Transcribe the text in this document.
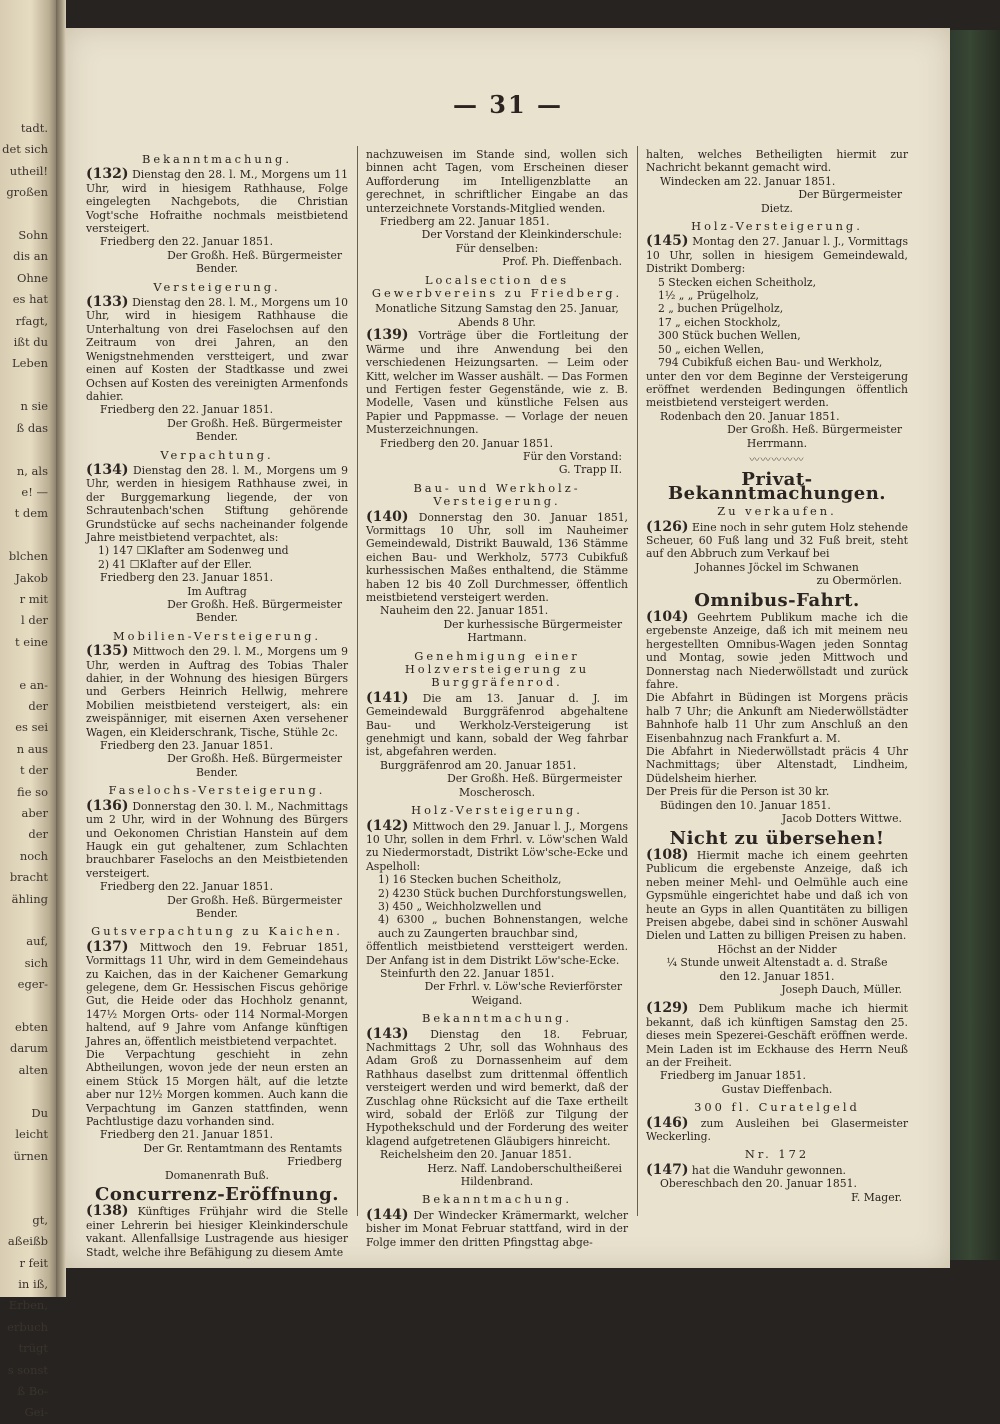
tadt.
det sich
utheil!
großen

Sohn
dis an
Ohne
es hat
rfagt,
ißt du
Leben

n sie
ß das

n, als
e! —
t dem

blchen
Jakob
r mit
l der
t eine

e an-
der
es sei
n aus
t der
fie so
aber
der
noch
bracht
ähling

auf,
sich
eger-

ebten
darum
alten

Du
leicht
ürnen

gt,
aßeißb
r feit
in iß,
Erben,
erbuch
trügt
s sonst
ß Bo-
Gei-
— 31 —
Bekanntmachung.

(132) Dienstag den 28. l. M., Morgens um 11 Uhr, wird in hiesigem Rathhause, Folge eingelegten Nachgebots, die Christian Vogt'sche Hofraithe nochmals meistbietend versteigert.

Friedberg den 22. Januar 1851.

Der Großh. Heß. Bürgermeister

Bender.

Versteigerung.

(133) Dienstag den 28. l. M., Morgens um 10 Uhr, wird in hiesigem Rathhause die Unterhaltung von drei Faselochsen auf den Zeitraum von drei Jahren, an den Wenigstnehmenden verstteigert, und zwar einen auf Kosten der Stadtkasse und zwei Ochsen auf Kosten des vereinigten Armenfonds dahier.

Friedberg den 22. Januar 1851.

Der Großh. Heß. Bürgermeister

Bender.

Verpachtung.

(134) Dienstag den 28. l. M., Morgens um 9 Uhr, werden in hiesigem Rathhause zwei, in der Burggemarkung liegende, der von Schrautenbach'schen Stiftung gehörende Grundstücke auf sechs nacheinander folgende Jahre meistbietend verpachtet, als:

1) 147 ☐Klafter am Sodenweg und

2) 41 ☐Klafter auf der Eller.

Friedberg den 23. Januar 1851.

Im Auftrag

Der Großh. Heß. Bürgermeister

Bender.

Mobilien-Versteigerung.

(135) Mittwoch den 29. l. M., Morgens um 9 Uhr, werden in Auftrag des Tobias Thaler dahier, in der Wohnung des hiesigen Bürgers und Gerbers Heinrich Hellwig, mehrere Mobilien meistbietend versteigert, als: ein zweispänniger, mit eisernen Axen versehener Wagen, ein Kleiderschrank, Tische, Stühle 2c.

Friedberg den 23. Januar 1851.

Der Großh. Heß. Bürgermeister

Bender.

Faselochs-Versteigerung.

(136) Donnerstag den 30. l. M., Nachmittags um 2 Uhr, wird in der Wohnung des Bürgers und Oekonomen Christian Hanstein auf dem Haugk ein gut gehaltener, zum Schlachten brauchbarer Faselochs an den Meistbietenden versteigert.

Friedberg den 22. Januar 1851.

Der Großh. Heß. Bürgermeister

Bender.

Gutsverpachtung zu Kaichen.

(137) Mittwoch den 19. Februar 1851, Vormittags 11 Uhr, wird in dem Gemeindehaus zu Kaichen, das in der Kaichener Gemarkung gelegene, dem Gr. Hessischen Fiscus gehörige Gut, die Heide oder das Hochholz genannt, 147½ Morgen Orts- oder 114 Normal-Morgen haltend, auf 9 Jahre vom Anfange künftigen Jahres an, öffentlich meistbietend verpachtet.

Die Verpachtung geschieht in zehn Abtheilungen, wovon jede der neun ersten an einem Stück 15 Morgen hält, auf die letzte aber nur 12½ Morgen kommen. Auch kann die Verpachtung im Ganzen stattfinden, wenn Pachtlustige dazu vorhanden sind.

Friedberg den 21. Januar 1851.

Der Gr. Rentamtmann des Rentamts Friedberg

Domanenrath Buß.

Concurrenz-Eröffnung.

(138) Künftiges Frühjahr wird die Stelle einer Lehrerin bei hiesiger Kleinkinderschule vakant. Allenfallsige Lustragende aus hiesiger Stadt, welche ihre Befähigung zu diesem Amte

nachzuweisen im Stande sind, wollen sich binnen acht Tagen, vom Erscheinen dieser Aufforderung im Intelligenzblatte an gerechnet, in schriftlicher Eingabe an das unterzeichnete Vorstands-Mitglied wenden.

Friedberg am 22. Januar 1851.

Der Vorstand der Kleinkinderschule:

Für denselben:

Prof. Ph. Dieffenbach.

Localsection des Gewerbvereins zu Friedberg.

Monatliche Sitzung Samstag den 25. Januar, Abends 8 Uhr.

(139) Vorträge über die Fortleitung der Wärme und ihre Anwendung bei den verschiedenen Heizungsarten. — Leim oder Kitt, welcher im Wasser aushält. — Das Formen und Fertigen fester Gegenstände, wie z. B. Modelle, Vasen und künstliche Felsen aus Papier und Pappmasse. — Vorlage der neuen Musterzeichnungen.

Friedberg den 20. Januar 1851.

Für den Vorstand:

G. Trapp II.

Bau- und Werkholz-Versteigerung.

(140) Donnerstag den 30. Januar 1851, Vormittags 10 Uhr, soll im Nauheimer Gemeindewald, Distrikt Bauwald, 136 Stämme eichen Bau- und Werkholz, 5773 Cubikfuß kurhessischen Maßes enthaltend, die Stämme haben 12 bis 40 Zoll Durchmesser, öffentlich meistbietend versteigert werden.

Nauheim den 22. Januar 1851.

Der kurhessische Bürgermeister

Hartmann.

Genehmigung einer Holzversteigerung zu Burggräfenrod.

(141) Die am 13. Januar d. J. im Gemeindewald Burggräfenrod abgehaltene Bau- und Werkholz-Versteigerung ist genehmigt und kann, sobald der Weg fahrbar ist, abgefahren werden.

Burggräfenrod am 20. Januar 1851.

Der Großh. Heß. Bürgermeister

Moscherosch.

Holz-Versteigerung.

(142) Mittwoch den 29. Januar l. J., Morgens 10 Uhr, sollen in dem Frhrl. v. Löw'schen Wald zu Niedermorstadt, Distrikt Löw'sche-Ecke und Aspelholl:

1) 16 Stecken buchen Scheitholz,

2) 4230 Stück buchen Durchforstungswellen,

3) 450 „ Weichholzwellen und

4) 6300 „ buchen Bohnenstangen, welche auch zu Zaungerten brauchbar sind,

öffentlich meistbietend verstteigert werden. Der Anfang ist in dem Distrikt Löw'sche-Ecke.

Steinfurth den 22. Januar 1851.

Der Frhrl. v. Löw'sche Revierförster

Weigand.

Bekanntmachung.

(143) Dienstag den 18. Februar, Nachmittags 2 Uhr, soll das Wohnhaus des Adam Groß zu Dornassenheim auf dem Rathhaus daselbst zum drittenmal öffentlich versteigert werden und wird bemerkt, daß der Zuschlag ohne Rücksicht auf die Taxe ertheilt wird, sobald der Erlöß zur Tilgung der Hypothekschuld und der Forderung des weiter klagend aufgetretenen Gläubigers hinreicht.

Reichelsheim den 20. Januar 1851.

Herz. Naff. Landoberschultheißerei

Hildenbrand.

Bekanntmachung.

(144) Der Windecker Krämermarkt, welcher bisher im Monat Februar stattfand, wird in der Folge immer den dritten Pfingsttag abge-

halten, welches Betheiligten hiermit zur Nachricht bekannt gemacht wird.

Windecken am 22. Januar 1851.

Der Bürgermeister

Dietz.

Holz-Versteigerung.

(145) Montag den 27. Januar l. J., Vormittags 10 Uhr, sollen in hiesigem Gemeindewald, Distrikt Domberg:

5 Stecken eichen Scheitholz,

1½ „ „ Prügelholz,

2 „ buchen Prügelholz,

17 „ eichen Stockholz,

300 Stück buchen Wellen,

50 „ eichen Wellen,

794 Cubikfuß eichen Bau- und Werkholz,

unter den vor dem Beginne der Versteigerung eröffnet werdenden Bedingungen öffentlich meistbietend versteigert werden.

Rodenbach den 20. Januar 1851.

Der Großh. Heß. Bürgermeister

Herrmann.

〰〰〰〰〰
Privat-Bekanntmachungen.
Zu verkaufen.

(126) Eine noch in sehr gutem Holz stehende Scheuer, 60 Fuß lang und 32 Fuß breit, steht auf den Abbruch zum Verkauf bei

Johannes Jöckel im Schwanen

zu Obermörlen.

Omnibus-Fahrt.

(104) Geehrtem Publikum mache ich die ergebenste Anzeige, daß ich mit meinem neu hergestellten Omnibus-Wagen jeden Sonntag und Montag, sowie jeden Mittwoch und Donnerstag nach Niederwöllstadt und zurück fahre.

Die Abfahrt in Büdingen ist Morgens präcis halb 7 Uhr; die Ankunft am Niederwöllstädter Bahnhofe halb 11 Uhr zum Anschluß an den Eisenbahnzug nach Frankfurt a. M.

Die Abfahrt in Niederwöllstadt präcis 4 Uhr Nachmittags; über Altenstadt, Lindheim, Düdelsheim hierher.

Der Preis für die Person ist 30 kr.

Büdingen den 10. Januar 1851.

Jacob Dotters Wittwe.

Nicht zu übersehen!

(108) Hiermit mache ich einem geehrten Publicum die ergebenste Anzeige, daß ich neben meiner Mehl- und Oelmühle auch eine Gypsmühle eingerichtet habe und daß ich von heute an Gyps in allen Quantitäten zu billigen Preisen abgebe, dabei sind in schöner Auswahl Dielen und Latten zu billigen Preisen zu haben.

Höchst an der Nidder

¼ Stunde unweit Altenstadt a. d. Straße

den 12. Januar 1851.

Joseph Dauch, Müller.

(129) Dem Publikum mache ich hiermit bekannt, daß ich künftigen Samstag den 25. dieses mein Spezerei-Geschäft eröffnen werde. Mein Laden ist im Eckhause des Herrn Neuß an der Freiheit.

Friedberg im Januar 1851.

Gustav Dieffenbach.

300 fl. Curatelgeld

(146) zum Ausleihen bei Glasermeister Weckerling.

Nr. 172

(147) hat die Wanduhr gewonnen.

Obereschbach den 20. Januar 1851.

F. Mager.
